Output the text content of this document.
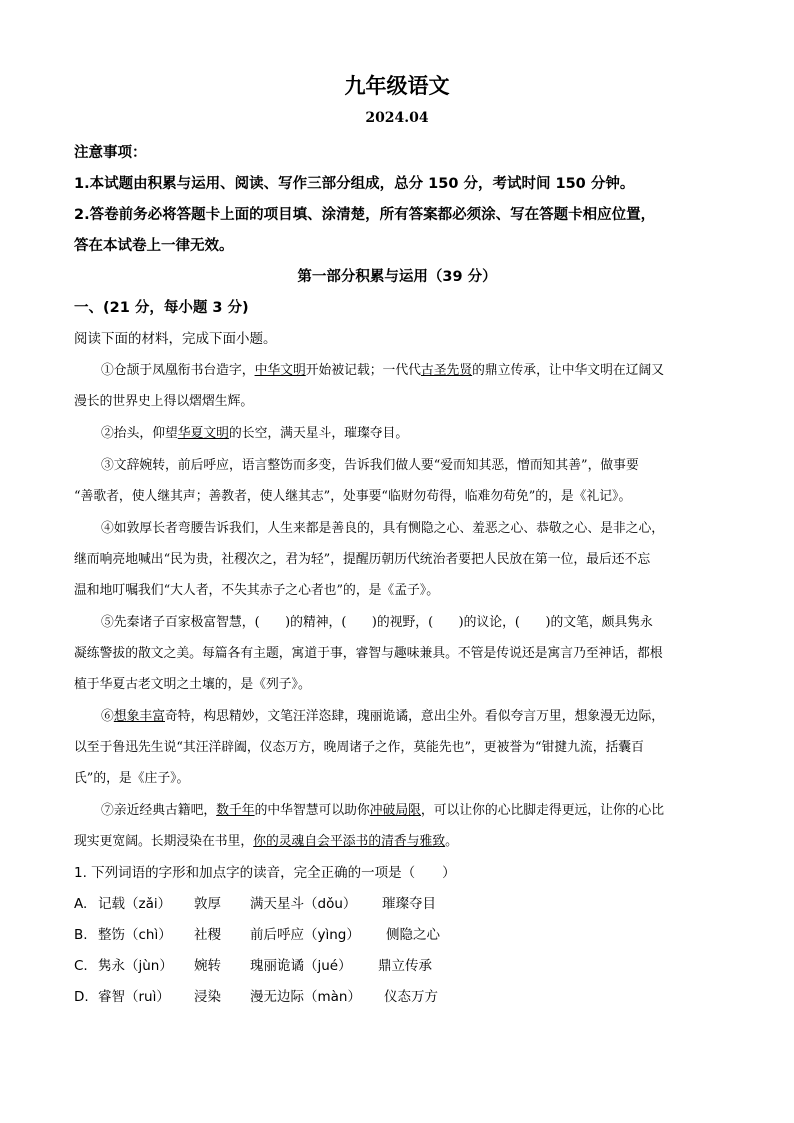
九年级语文
2024.04
注意事项：
1.本试题由积累与运用、阅读、写作三部分组成，总分 150 分，考试时间 150 分钟。
2.答卷前务必将答题卡上面的项目填、涂清楚，所有答案都必须涂、写在答题卡相应位置，
答在本试卷上一律无效。
第一部分积累与运用（39 分）
一、(21 分，每小题 3 分)
阅读下面的材料，完成下面小题。
①仓颉于凤凰衔书台造字，中华文明开始被记载；一代代古圣先贤的鼎立传承，让中华文明在辽阔又
漫长的世界史上得以熠熠生辉。
②抬头，仰望华夏文明的长空，满天星斗，璀璨夺目。
③文辞婉转，前后呼应，语言整饬而多变，告诉我们做人要“爱而知其恶，憎而知其善”，做事要
“善歌者，使人继其声；善教者，使人继其志”，处事要“临财勿苟得，临难勿苟免”的，是《礼记》。
④如敦厚长者弯腰告诉我们，人生来都是善良的，具有恻隐之心、羞恶之心、恭敬之心、是非之心，
继而响亮地喊出“民为贵，社稷次之，君为轻”，提醒历朝历代统治者要把人民放在第一位，最后还不忘
温和地叮嘱我们“大人者，不失其赤子之心者也”的，是《孟子》。
⑤先秦诸子百家极富智慧，(　　)的精神，(　　)的视野，(　　)的议论，(　　)的文笔，颇具隽永
凝练警拔的散文之美。每篇各有主题，寓道于事，睿智与趣味兼具。不管是传说还是寓言乃至神话，都根
植于华夏古老文明之土壤的，是《列子》。
⑥想象丰富奇特，构思精妙，文笔汪洋恣肆，瑰丽诡谲，意出尘外。看似夸言万里，想象漫无边际，
以至于鲁迅先生说“其汪洋辟阖，仪态万方，晚周诸子之作，莫能先也”，更被誉为“钳揵九流，括囊百
氏”的，是《庄子》。
⑦亲近经典古籍吧，数千年的中华智慧可以助你冲破局限，可以让你的心比脚走得更远，让你的心比
现实更宽阔。长期浸染在书里，你的灵魂自会平添书的清香与雅致。
1. 下列词语的字形和加点字的读音，完全正确的一项是（　　）
A. 记载（zǎi） 敦厚 满天星斗（dǒu） 璀璨夺目
B. 整饬（chì） 社稷 前后呼应（yìng） 侧隐之心
C. 隽永（jùn） 婉转 瑰丽诡谲（jué） 鼎立传承
D. 睿智（ruì） 浸染 漫无边际（màn） 仪态万方
